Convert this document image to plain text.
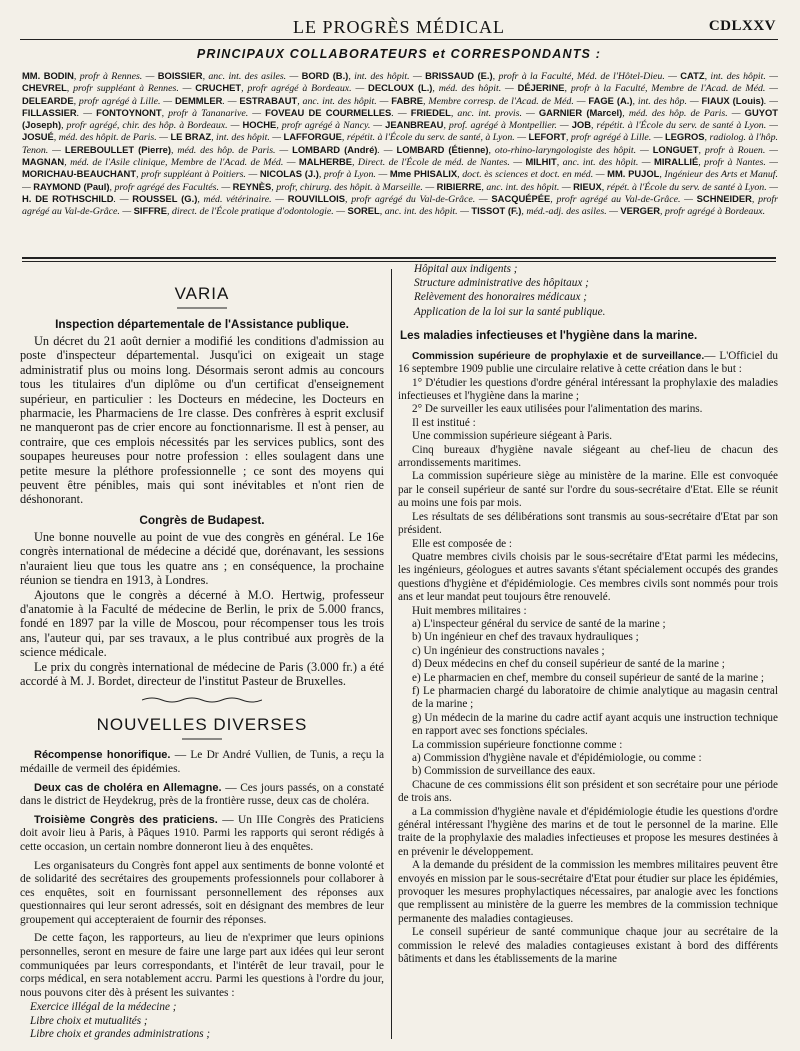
LE PROGRÈS MÉDICAL	CDLXXV
PRINCIPAUX COLLABORATEURS et CORRESPONDANTS :
MM. BODIN, profr à Rennes. — BOISSIER, anc. int. des asiles. — BORD (B.), int. des hôpit. — BRISSAUD (E.), profr à la Faculté, Méd. de l'Hôtel-Dieu. — CATZ, int. des hôpit. — CHEVREL, profr suppléant à Rennes. — CRUCHET, profr agrégé à Bordeaux. — DECLOUX (L.), méd. des hôpit. — DÉJERINE, profr à la Faculté, Membre de l'Acad. de Méd. — DELEARDE, profr agrégé à Lille. — DEMMLER. — ESTRABAUT, anc. int. des hôpit. — FABRE, Membre corresp. de l'Acad. de Méd. — FAGE (A.), int. des hôp. — FIAUX (Louis). — FILLASSIER. — FONTOYNONT, profr à Tananarive. — FOVEAU DE COURMELLES. — FRIEDEL, anc. int. provis. — GARNIER (Marcel), méd. des hôp. de Paris. — GUYOT (Joseph), profr agrégé, chir. des hôp. à Bordeaux. — HOCHE, profr agrégé à Nancy. — JEANBREAU, prof. agrégé à Montpellier. — JOB, répétit. à l'École du serv. de santé à Lyon. — JOSUÉ, méd. des hôpit. de Paris. — LE BRAZ, int. des hôpit. — LAFFORGUE, répétit. à l'École du serv. de santé, à Lyon. — LEFORT, profr agrégé à Lille. — LEGROS, radiolog. à l'hôp. Tenon. — LEREBOULLET (Pierre), méd. des hôp. de Paris. — LOMBARD (André). — LOMBARD (Étienne), oto-rhino-laryngologiste des hôpit. — LONGUET, profr à Rouen. — MAGNAN, méd. de l'Asile clinique, Membre de l'Acad. de Méd. — MALHERBE, Direct. de l'École de méd. de Nantes. — MILHIT, anc. int. des hôpit. — MIRALLIÉ, profr à Nantes. — MORICHAU-BEAUCHANT, profr suppléant à Poitiers. — NICOLAS (J.), profr à Lyon. — Mme PHISALIX, doct. ès sciences et doct. en méd. — MM. PUJOL, Ingénieur des Arts et Manuf. — RAYMOND (Paul), profr agrégé des Facultés. — REYNÈS, profr, chirurg. des hôpit. à Marseille. — RIBIERRE, anc. int. des hôpit. — RIEUX, répét. à l'École du serv. de santé à Lyon. — H. DE ROTHSCHILD. — ROUSSEL (G.), méd. vétérinaire. — ROUVILLOIS, profr agrégé du Val-de-Grâce. — SACQUÉPÉE, profr agrégé au Val-de-Grâce. — SCHNEIDER, profr agrégé au Val-de-Grâce. — SIFFRE, direct. de l'École pratique d'odontologie. — SOREL, anc. int. des hôpit. — TISSOT (F.), méd.-adj. des asiles. — VERGER, profr agrégé à Bordeaux.
VARIA
Inspection départementale de l'Assistance publique.

Un décret du 21 août dernier a modifié les conditions d'admission au poste d'inspecteur départemental. Jusqu'ici on exigeait un stage administratif plus ou moins long. Désormais seront admis au concours tous les titulaires d'un diplôme ou d'un certificat d'enseignement supérieur, en particulier : les Docteurs en médecine, les Docteurs en pharmacie, les Pharmaciens de 1re classe. Des confrères à esprit exclusif ne manqueront pas de crier encore au fonctionnarisme. Il est à penser, au contraire, que ces emplois nécessités par les services publics, sont des soupapes heureuses pour notre profession : elles soulagent dans une petite mesure la pléthore professionnelle ; ce sont des moyens qui peuvent être pénibles, mais qui sont inévitables et n'ont rien de déshonorant.

Congrès de Budapest.

Une bonne nouvelle au point de vue des congrès en général. Le 16e congrès international de médecine a décidé que, dorénavant, les sessions n'auraient lieu que tous les quatre ans ; en conséquence, la prochaine réunion se tiendra en 1913, à Londres.

Ajoutons que le congrès a décerné à M.O. Hertwig, professeur d'anatomie à la Faculté de médecine de Berlin, le prix de 5.000 francs, fondé en 1897 par la ville de Moscou, pour récompenser tous les trois ans, l'auteur qui, par ses travaux, a le plus contribué aux progrès de la science médicale.

Le prix du congrès international de médecine de Paris (3.000 fr.) a été accordé à M. J. Bordet, directeur de l'institut Pasteur de Bruxelles.

NOUVELLES DIVERSES

Récompense honorifique. — Le Dr André Vullien, de Tunis, a reçu la médaille de vermeil des épidémies.

Deux cas de choléra en Allemagne. — Ces jours passés, on a constaté dans le district de Heydekrug, près de la frontière russe, deux cas de choléra.

Troisième Congrès des praticiens. — Un IIIe Congrès des Praticiens doit avoir lieu à Paris, à Pâques 1910. Parmi les rapports qui seront rédigés à cette occasion, un certain nombre donneront lieu à des enquêtes.

Les organisateurs du Congrès font appel aux sentiments de bonne volonté et de solidarité des secrétaires des groupements professionnels pour collaborer à ces enquêtes, soit en fournissant personnellement des réponses aux questionnaires qui leur seront adressés, soit en désignant des membres de leur groupement qui accepteraient de fournir des réponses.

De cette façon, les rapporteurs, au lieu de n'exprimer que leurs opinions personnelles, seront en mesure de faire une large part aux idées qui leur seront communiquées par leurs correspondants, et l'intérêt de leur travail, pour le corps médical, en sera notablement accru. Parmi les questions à l'ordre du jour, nous pouvons citer dès à présent les suivantes :

Exercice illégal de la médecine ;
Libre choix et mutualités ;
Libre choix et grandes administrations ;
Hôpital aux indigents ;
Structure administrative des hôpitaux ;
Relèvement des honoraires médicaux ;
Application de la loi sur la santé publique.
Les maladies infectieuses et l'hygiène dans la marine.

Commission supérieure de prophylaxie et de surveillance.— L'Officiel du 16 septembre 1909 publie une circulaire relative à cette création dans le but :

1° D'étudier les questions d'ordre général intéressant la prophylaxie des maladies infectieuses et l'hygiène dans la marine ;

2° De surveiller les eaux utilisées pour l'alimentation des marins.

Il est institué :

Une commission supérieure siégeant à Paris.

Cinq bureaux d'hygiène navale siégeant au chef-lieu de chacun des arrondissements maritimes.

La commission supérieure siège au ministère de la marine. Elle est convoquée par le conseil supérieur de santé sur l'ordre du sous-secrétaire d'Etat. Elle se réunit au moins une fois par mois.

Les résultats de ses délibérations sont transmis au sous-secrétaire d'Etat par son président.

Elle est composée de :

Quatre membres civils choisis par le sous-secrétaire d'Etat parmi les médecins, les ingénieurs, géologues et autres savants s'étant spécialement occupés des grandes questions d'hygiène et d'épidémiologie. Ces membres civils sont nommés pour trois ans et leur mandat peut toujours être renouvelé.

Huit membres militaires :

a) L'inspecteur général du service de santé de la marine ;

b) Un ingénieur en chef des travaux hydrauliques ;

c) Un ingénieur des constructions navales ;

d) Deux médecins en chef du conseil supérieur de santé de la marine ;

e) Le pharmacien en chef, membre du conseil supérieur de santé de la marine ;

f) Le pharmacien chargé du laboratoire de chimie analytique au magasin central de la marine ;

g) Un médecin de la marine du cadre actif ayant acquis une instruction technique en rapport avec ses fonctions spéciales.

La commission supérieure fonctionne comme :

a) Commission d'hygiène navale et d'épidémiologie, ou comme :

b) Commission de surveillance des eaux.

Chacune de ces commissions élit son président et son secrétaire pour une période de trois ans.

a La commission d'hygiène navale et d'épidémiologie étudie les questions d'ordre général intéressant l'hygiène des marins et de tout le personnel de la marine. Elle traite de la prophylaxie des maladies infectieuses et propose les mesures destinées à en prévenir le développement.

A la demande du président de la commission les membres militaires peuvent être envoyés en mission par le sous-secrétaire d'Etat pour étudier sur place les épidémies, provoquer les mesures prophylactiques nécessaires, par analogie avec les fonctions que remplissent au ministère de la guerre les membres de la commission technique permanente des maladies contagieuses.

Le conseil supérieur de santé communique chaque jour au secrétaire de la commission le relevé des maladies contagieuses existant à bord des différents bâtiments et dans les établissements de la marine
